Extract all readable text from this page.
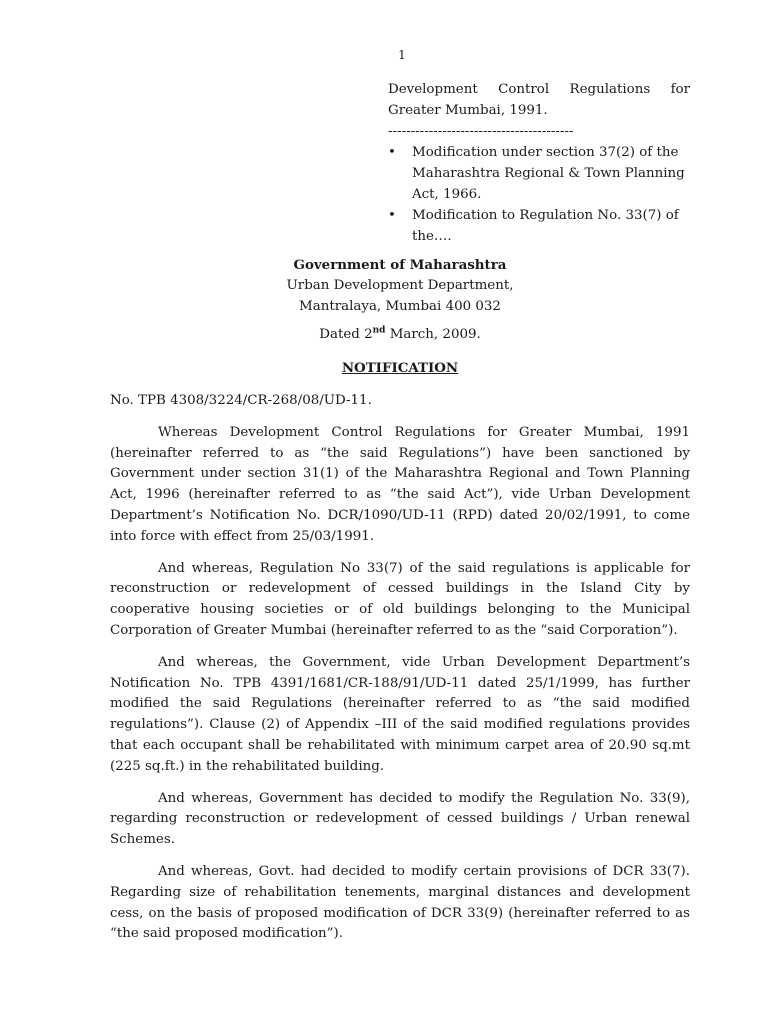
1

Development Control Regulations for Greater Mumbai, 1991.

-----------------------------------------

• Modification under section 37(2) of the Maharashtra Regional & Town Planning Act, 1966.
• Modification to Regulation No. 33(7) of the….
Government of Maharashtra
Urban Development Department,
Mantralaya, Mumbai 400 032
Dated 2nd March, 2009.
NOTIFICATION

No. TPB 4308/3224/CR-268/08/UD-11.

Whereas Development Control Regulations for Greater Mumbai, 1991 (hereinafter referred to as “the said Regulations”) have been sanctioned by Government under section 31(1) of the Maharashtra Regional and Town Planning Act, 1996 (hereinafter referred to as “the said Act”), vide Urban Development Department’s Notification No. DCR/1090/UD-11 (RPD) dated 20/02/1991, to come into force with effect from 25/03/1991.

And whereas, Regulation No 33(7) of the said regulations is applicable for reconstruction or redevelopment of cessed buildings in the Island City by cooperative housing societies or of old buildings belonging to the Municipal Corporation of Greater Mumbai (hereinafter referred to as the “said Corporation”).

And whereas, the Government, vide Urban Development Department’s Notification No. TPB 4391/1681/CR-188/91/UD-11 dated 25/1/1999, has further modified the said Regulations (hereinafter referred to as “the said modified regulations”). Clause (2) of Appendix –III of the said modified regulations provides that each occupant shall be rehabilitated with minimum carpet area of 20.90 sq.mt (225 sq.ft.) in the rehabilitated building.

And whereas, Government has decided to modify the Regulation No. 33(9), regarding reconstruction or redevelopment of cessed buildings / Urban renewal Schemes.

And whereas, Govt. had decided to modify certain provisions of DCR 33(7). Regarding size of rehabilitation tenements, marginal distances and development cess, on the basis of proposed modification of DCR 33(9) (hereinafter referred to as “the said proposed modification”).
